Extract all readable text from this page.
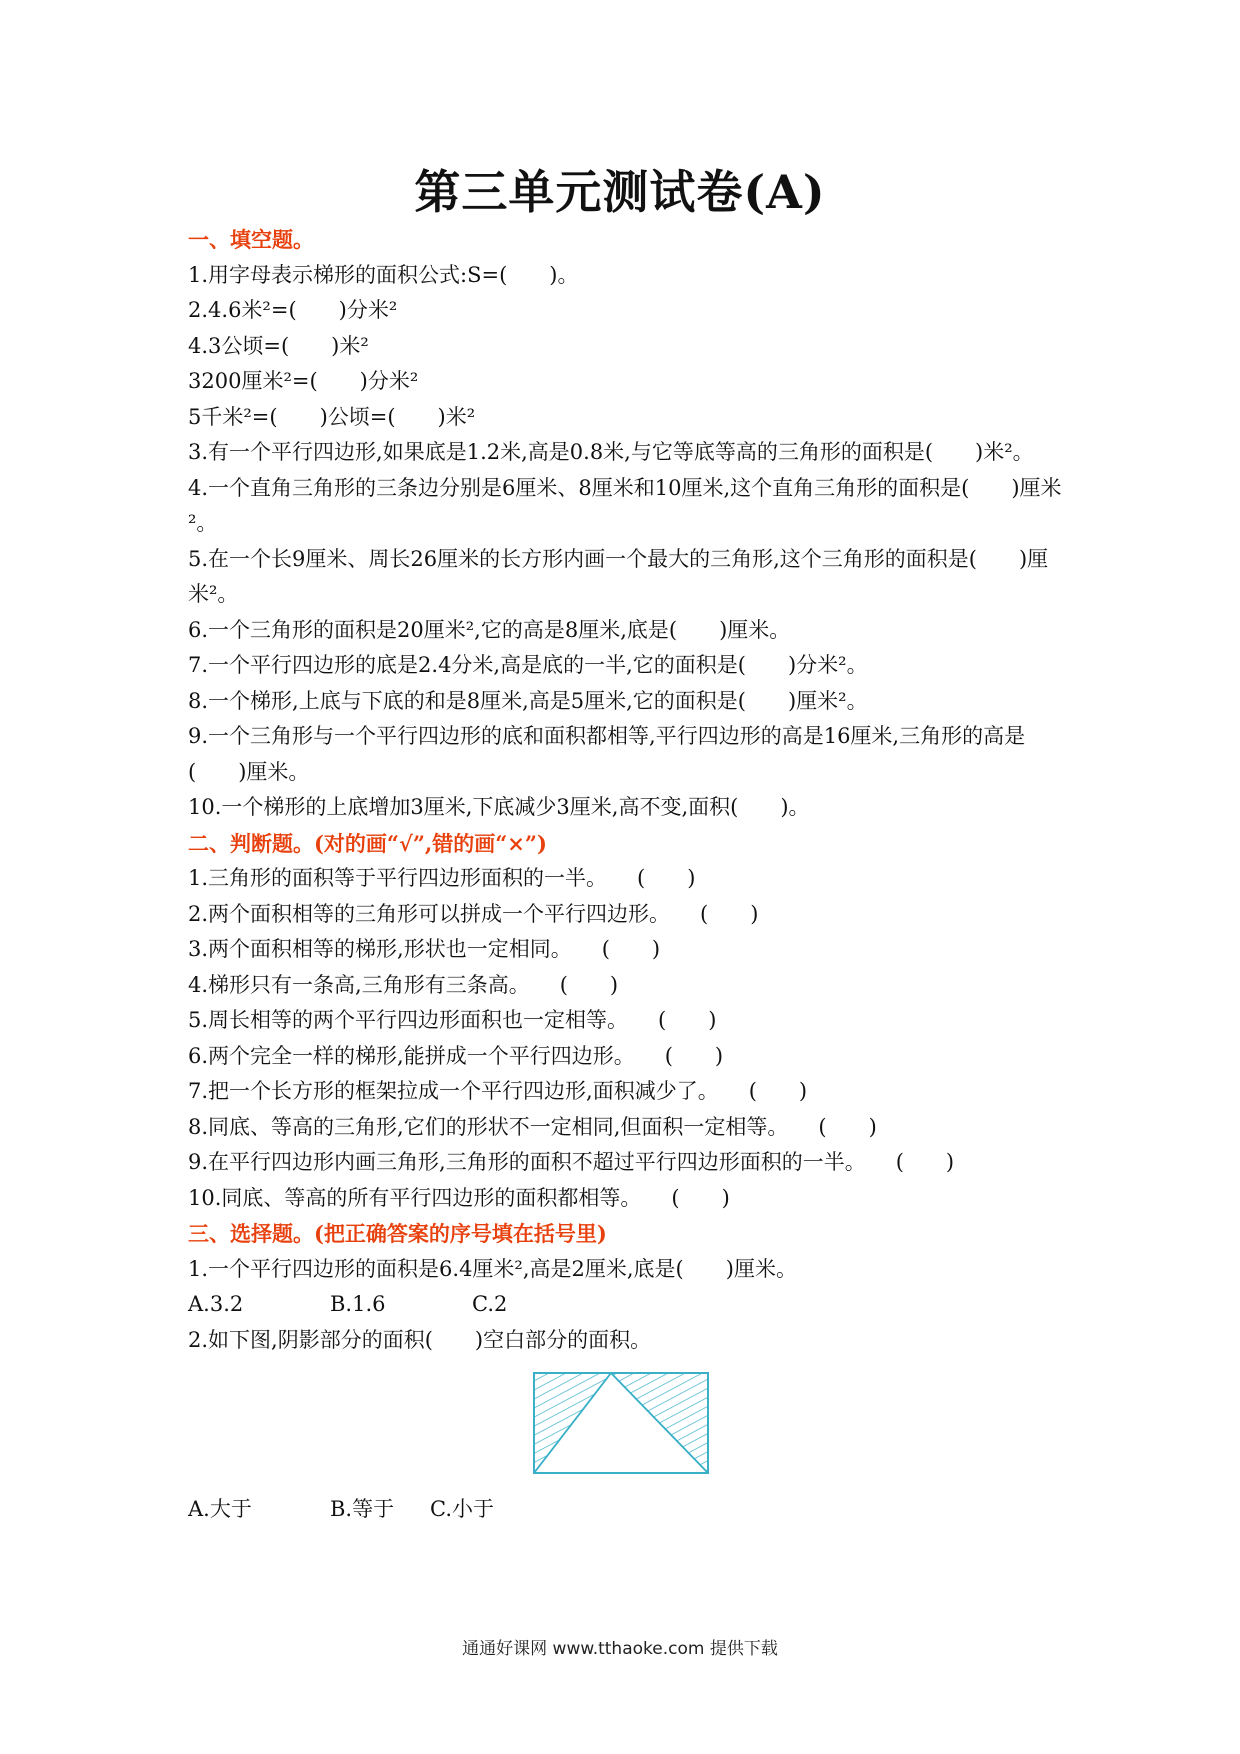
第三单元测试卷(A)
一、填空题。
1.用字母表示梯形的面积公式:S=(　　)。
2.4.6米²=(　　)分米²
4.3公顷=(　　)米²
3200厘米²=(　　)分米²
5千米²=(　　)公顷=(　　)米²
3.有一个平行四边形,如果底是1.2米,高是0.8米,与它等底等高的三角形的面积是(　　)米²。
4.一个直角三角形的三条边分别是6厘米、8厘米和10厘米,这个直角三角形的面积是(　　)厘米²。
5.在一个长9厘米、周长26厘米的长方形内画一个最大的三角形,这个三角形的面积是(　　)厘米²。
6.一个三角形的面积是20厘米²,它的高是8厘米,底是(　　)厘米。
7.一个平行四边形的底是2.4分米,高是底的一半,它的面积是(　　)分米²。
8.一个梯形,上底与下底的和是8厘米,高是5厘米,它的面积是(　　)厘米²。
9.一个三角形与一个平行四边形的底和面积都相等,平行四边形的高是16厘米,三角形的高是(　　)厘米。
10.一个梯形的上底增加3厘米,下底减少3厘米,高不变,面积(　　)。
二、判断题。(对的画“√”,错的画“×”)
1.三角形的面积等于平行四边形面积的一半。 (　　)
2.两个面积相等的三角形可以拼成一个平行四边形。 (　　)
3.两个面积相等的梯形,形状也一定相同。 (　　)
4.梯形只有一条高,三角形有三条高。 (　　)
5.周长相等的两个平行四边形面积也一定相等。 (　　)
6.两个完全一样的梯形,能拼成一个平行四边形。 (　　)
7.把一个长方形的框架拉成一个平行四边形,面积减少了。 (　　)
8.同底、等高的三角形,它们的形状不一定相同,但面积一定相等。 (　　)
9.在平行四边形内画三角形,三角形的面积不超过平行四边形面积的一半。 (　　)
10.同底、等高的所有平行四边形的面积都相等。 (　　)
三、选择题。(把正确答案的序号填在括号里)
1.一个平行四边形的面积是6.4厘米²,高是2厘米,底是(　　)厘米。
A.3.2	B.1.6	C.2
2.如下图,阴影部分的面积(　　)空白部分的面积。
A.大于	B.等于 C.小于
通通好课网 www.tthaoke.com 提供下载
